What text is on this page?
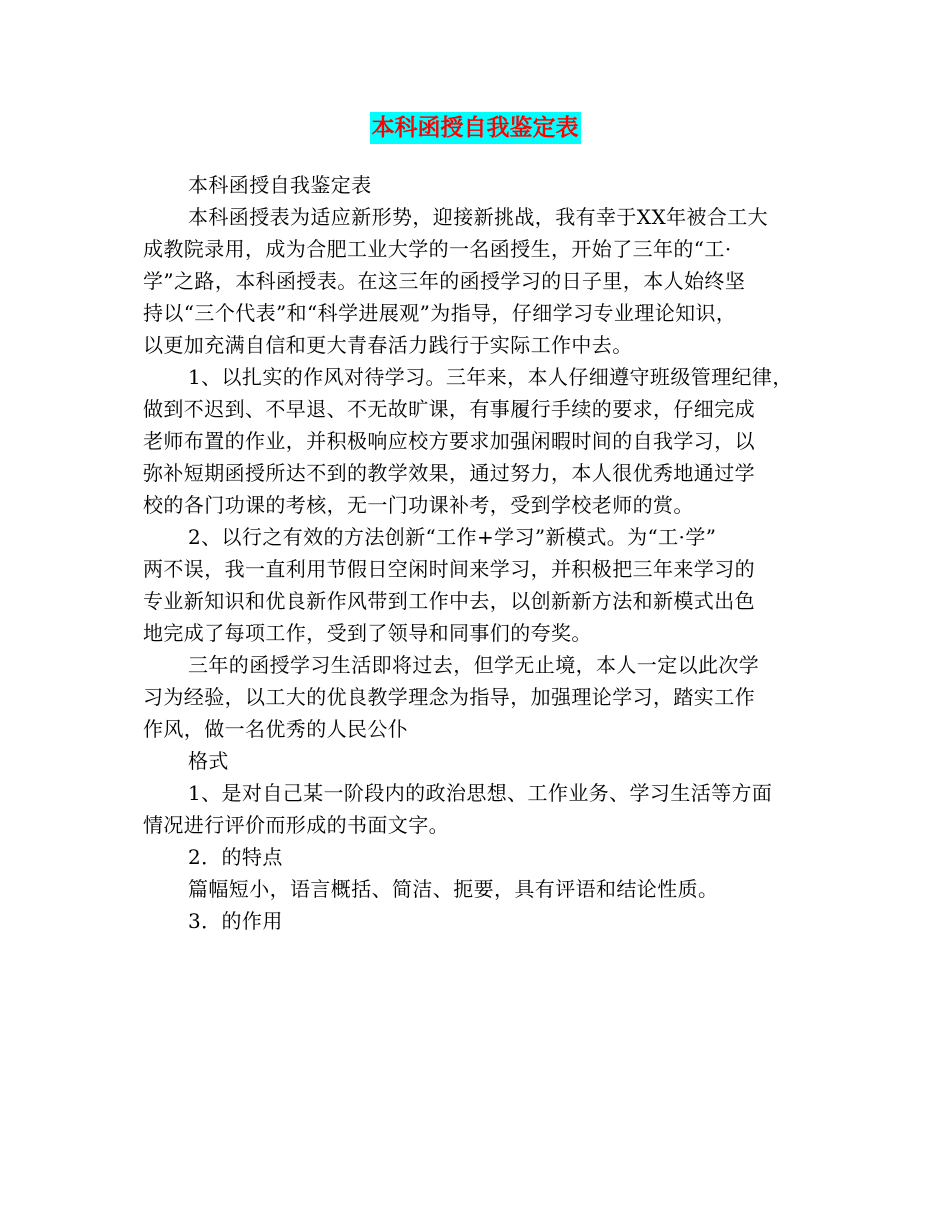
本科函授自我鉴定表
本科函授自我鉴定表
本科函授表为适应新形势，迎接新挑战，我有幸于XX年被合工大
成教院录用，成为合肥工业大学的一名函授生，开始了三年的“工·
学”之路，本科函授表。在这三年的函授学习的日子里，本人始终坚
持以“三个代表”和“科学进展观”为指导，仔细学习专业理论知识，
以更加充满自信和更大青春活力践行于实际工作中去。
1、以扎实的作风对待学习。三年来，本人仔细遵守班级管理纪律，
做到不迟到、不早退、不无故旷课，有事履行手续的要求，仔细完成
老师布置的作业，并积极响应校方要求加强闲暇时间的自我学习，以
弥补短期函授所达不到的教学效果，通过努力，本人很优秀地通过学
校的各门功课的考核，无一门功课补考，受到学校老师的赏。
2、以行之有效的方法创新“工作+学习”新模式。为“工·学”
两不误，我一直利用节假日空闲时间来学习，并积极把三年来学习的
专业新知识和优良新作风带到工作中去，以创新新方法和新模式出色
地完成了每项工作，受到了领导和同事们的夸奖。
三年的函授学习生活即将过去，但学无止境，本人一定以此次学
习为经验，以工大的优良教学理念为指导，加强理论学习，踏实工作
作风，做一名优秀的人民公仆
格式
1、是对自己某一阶段内的政治思想、工作业务、学习生活等方面
情况进行评价而形成的书面文字。
2．的特点
篇幅短小，语言概括、简洁、扼要，具有评语和结论性质。
3．的作用
